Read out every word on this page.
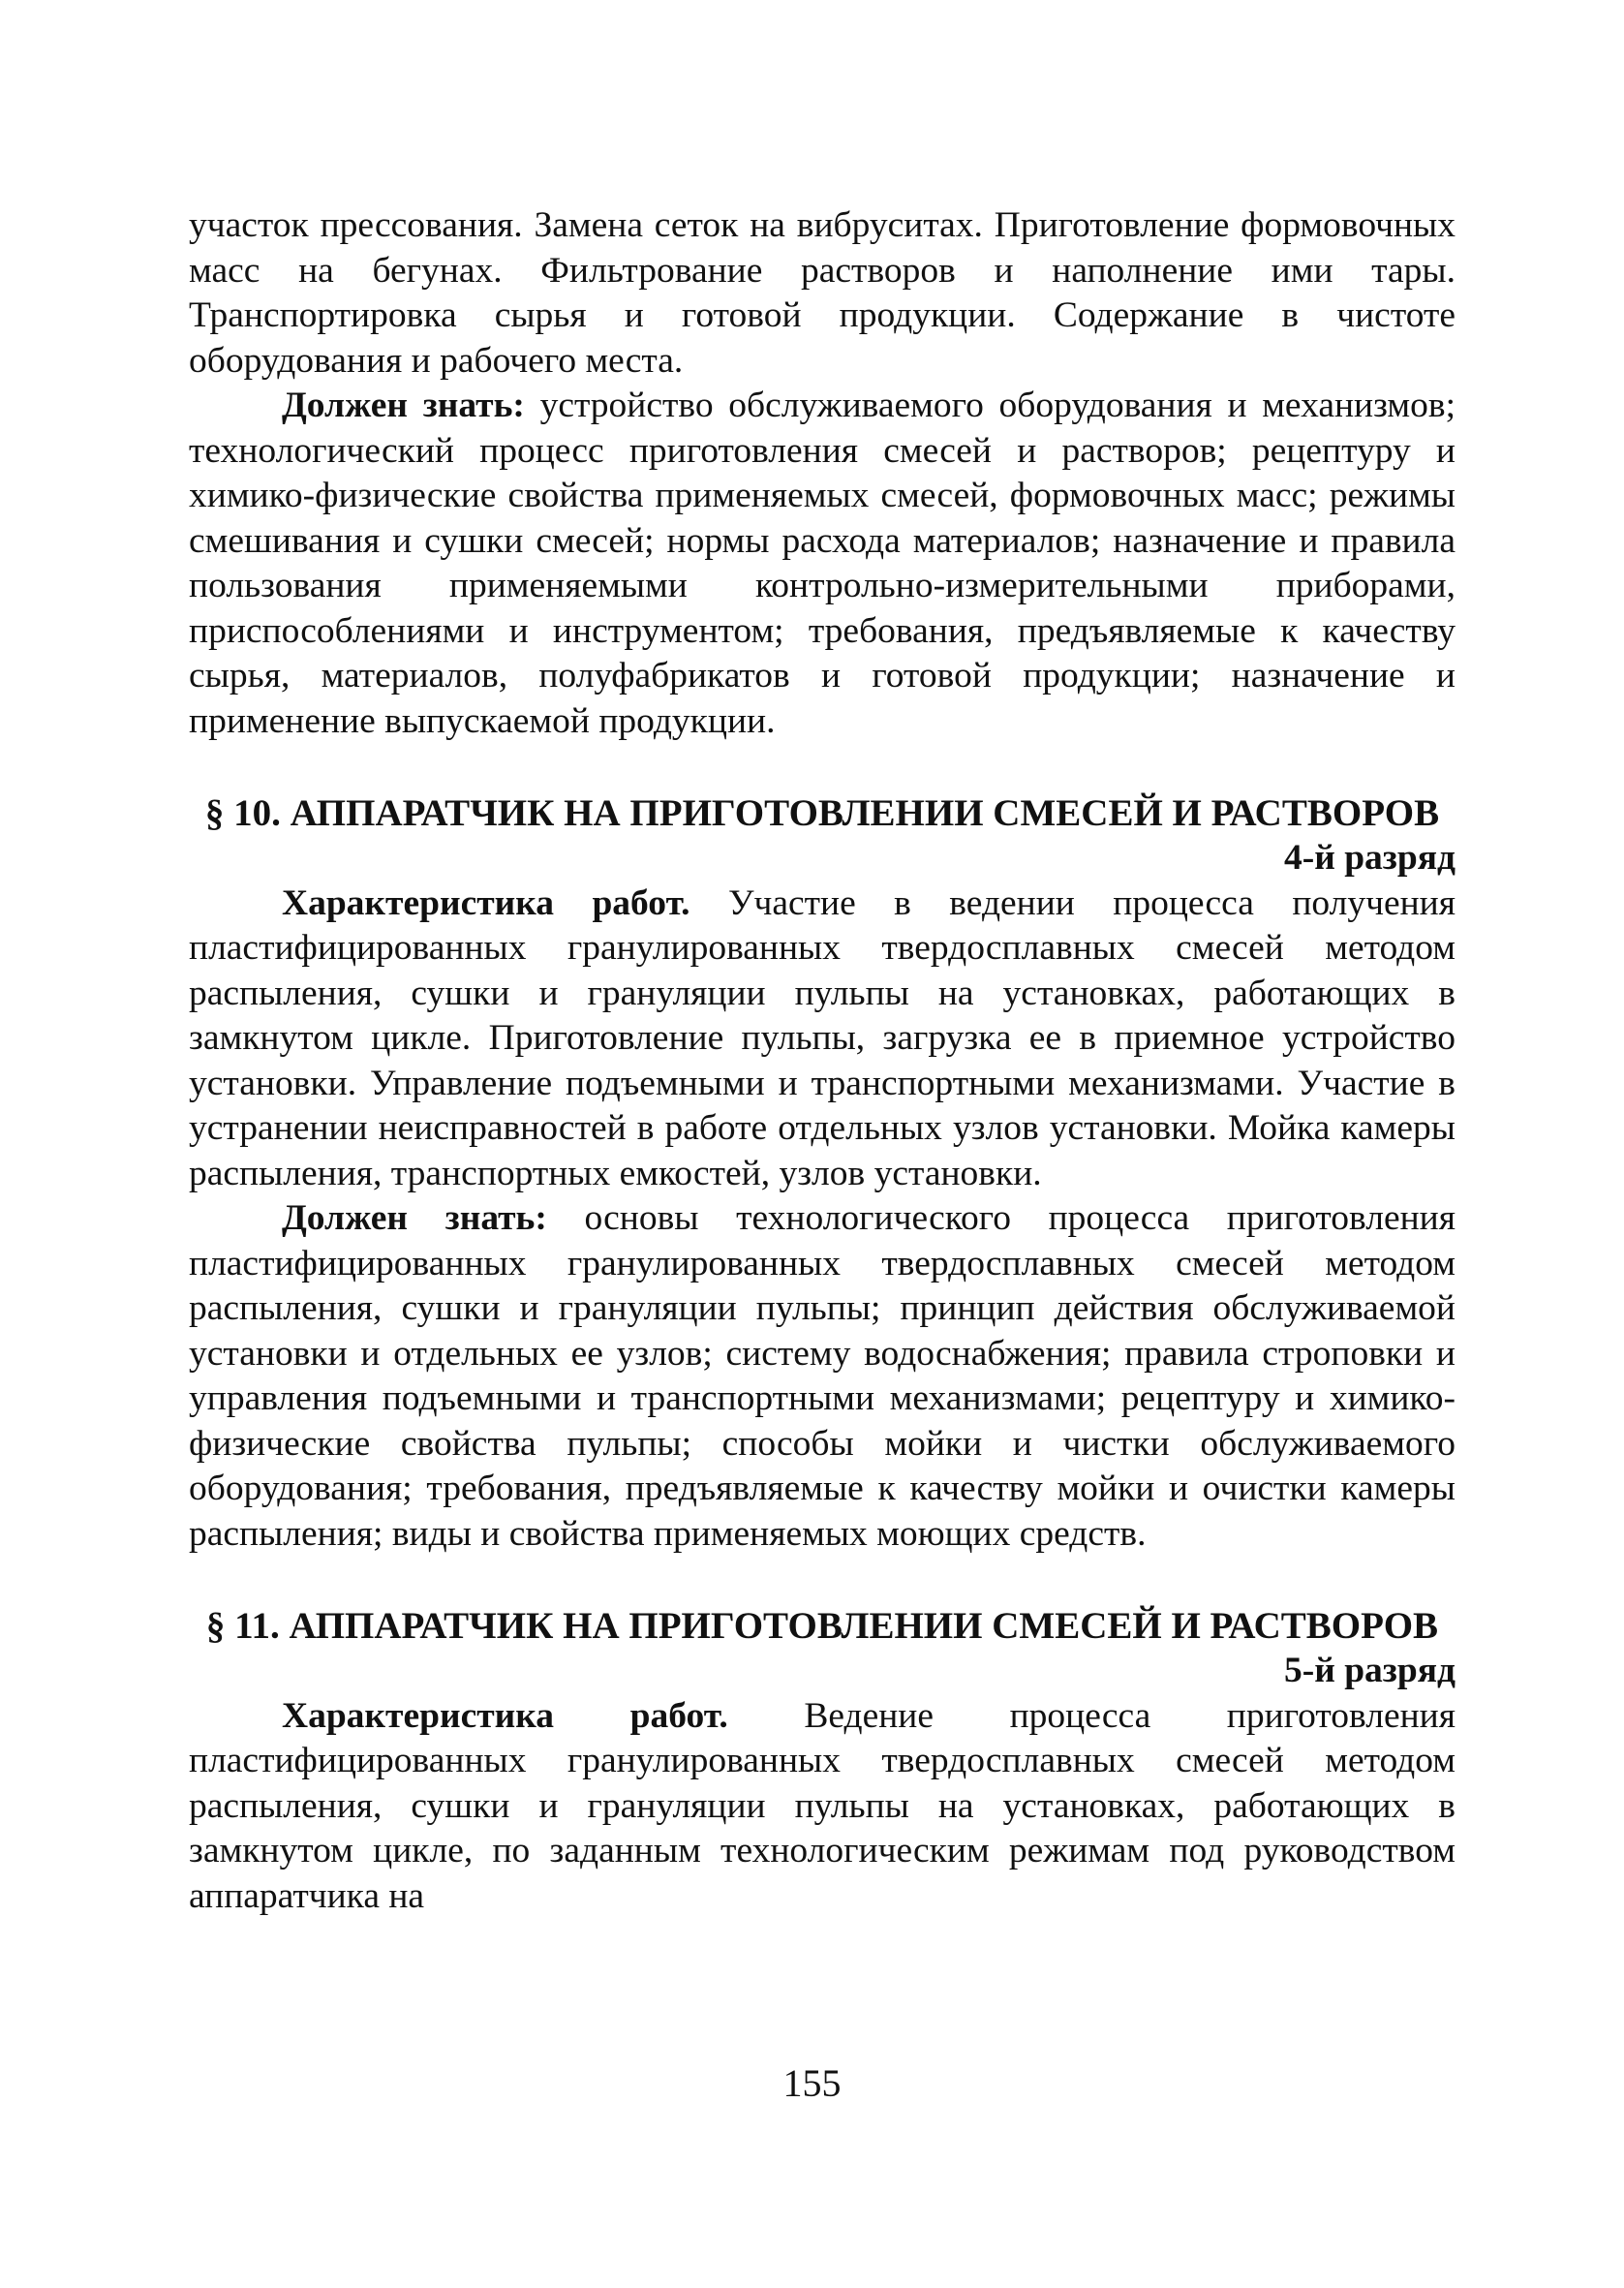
участок прессования. Замена сеток на вибруситах. Приготовление формовочных масс на бегунах. Фильтрование растворов и наполнение ими тары. Транспортировка сырья и готовой продукции. Содержание в чистоте оборудования и рабочего места.

Должен знать: устройство обслуживаемого оборудования и механизмов; технологический процесс приготовления смесей и растворов; рецептуру и химико-физические свойства применяемых смесей, формовочных масс; режимы смешивания и сушки смесей; нормы расхода материалов; назначение и правила пользования применяемыми контрольно-измерительными приборами, приспособлениями и инструментом; требования, предъявляемые к качеству сырья, материалов, полуфабрикатов и готовой продукции; назначение и применение выпускаемой продукции.

§ 10. АППАРАТЧИК НА ПРИГОТОВЛЕНИИ СМЕСЕЙ И РАСТВОРОВ
4-й разряд

Характеристика работ. Участие в ведении процесса получения пластифицированных гранулированных твердосплавных смесей методом распыления, сушки и грануляции пульпы на установках, работающих в замкнутом цикле. Приготовление пульпы, загрузка ее в приемное устройство установки. Управление подъемными и транспортными механизмами. Участие в устранении неисправностей в работе отдельных узлов установки. Мойка камеры распыления, транспортных емкостей, узлов установки.

Должен знать: основы технологического процесса приготовления пластифицированных гранулированных твердосплавных смесей методом распыления, сушки и грануляции пульпы; принцип действия обслуживаемой установки и отдельных ее узлов; систему водоснабжения; правила строповки и управления подъемными и транспортными механизмами; рецептуру и химико-физические свойства пульпы; способы мойки и чистки обслуживаемого оборудования; требования, предъявляемые к качеству мойки и очистки камеры распыления; виды и свойства применяемых моющих средств.

§ 11. АППАРАТЧИК НА ПРИГОТОВЛЕНИИ СМЕСЕЙ И РАСТВОРОВ
5-й разряд

Характеристика работ. Ведение процесса приготовления пластифицированных гранулированных твердосплавных смесей методом распыления, сушки и грануляции пульпы на установках, работающих в замкнутом цикле, по заданным технологическим режимам под руководством аппаратчика на

155
